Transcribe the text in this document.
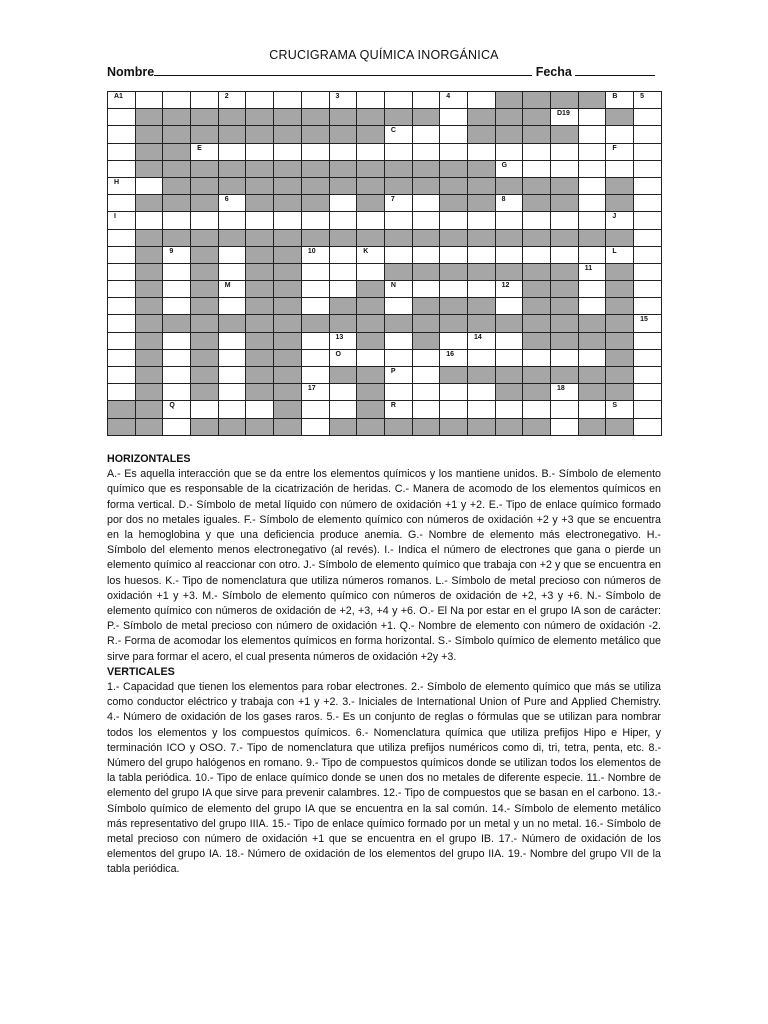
CRUCIGRAMA QUÍMICA INORGÁNICA
Nombre	Fecha
A1				2				3				4						B	5

																D19			

										C									

			E															F	

														G					

H																			

				6						7				8					

I																		J	

		9					10		K									L	

																	11		

				M						N				12					

																			15

								13					14						

								O				16							

										P									

							17									18			

		Q								R								S	

HORIZONTALES

A.- Es aquella interacción que se da entre los elementos químicos y los mantiene unidos. B.- Símbolo de elemento químico que es responsable de la cicatrización de heridas. C.- Manera de acomodo de los elementos químicos en forma vertical. D.- Símbolo de metal líquido con número de oxidación +1 y +2. E.- Tipo de enlace químico formado por dos no metales iguales. F.- Símbolo de elemento químico con números de oxidación +2 y +3 que se encuentra en la hemoglobina y que una deficiencia produce anemia. G.- Nombre de elemento más electronegativo. H.- Símbolo del elemento menos electronegativo (al revés). I.- Indica el número de electrones que gana o pierde un elemento químico al reaccionar con otro. J.- Símbolo de elemento químico que trabaja con +2 y que se encuentra en los huesos. K.- Tipo de nomenclatura que utiliza números romanos. L.- Símbolo de metal precioso con números de oxidación +1 y +3. M.- Símbolo de elemento químico con números de oxidación de +2, +3 y +6. N.- Símbolo de elemento químico con números de oxidación de +2, +3, +4 y +6. O.- El Na por estar en el grupo IA son de carácter: P.- Símbolo de metal precioso con número de oxidación +1. Q.- Nombre de elemento con número de oxidación -2. R.- Forma de acomodar los elementos químicos en forma horizontal. S.- Símbolo químico de elemento metálico que sirve para formar el acero, el cual presenta números de oxidación +2y +3.

VERTICALES

1.- Capacidad que tienen los elementos para robar electrones. 2.- Símbolo de elemento químico que más se utiliza como conductor eléctrico y trabaja con +1 y +2. 3.- Iniciales de International Union of Pure and Applied Chemistry. 4.- Número de oxidación de los gases raros. 5.- Es un conjunto de reglas o fórmulas que se utilizan para nombrar todos los elementos y los compuestos químicos. 6.- Nomenclatura química que utiliza prefijos Hipo e Hiper, y terminación ICO y OSO. 7.- Tipo de nomenclatura que utiliza prefijos numéricos como di, tri, tetra, penta, etc. 8.- Número del grupo halógenos en romano. 9.- Tipo de compuestos químicos donde se utilizan todos los elementos de la tabla periódica. 10.- Tipo de enlace químico donde se unen dos no metales de diferente especie. 11.- Nombre de elemento del grupo IA que sirve para prevenir calambres. 12.- Tipo de compuestos que se basan en el carbono. 13.- Símbolo químico de elemento del grupo IA que se encuentra en la sal común. 14.- Símbolo de elemento metálico más representativo del grupo IIIA. 15.- Tipo de enlace químico formado por un metal y un no metal. 16.- Símbolo de metal precioso con número de oxidación +1 que se encuentra en el grupo IB. 17.- Número de oxidación de los elementos del grupo IA. 18.- Número de oxidación de los elementos del grupo IIA. 19.- Nombre del grupo VII de la tabla periódica.
